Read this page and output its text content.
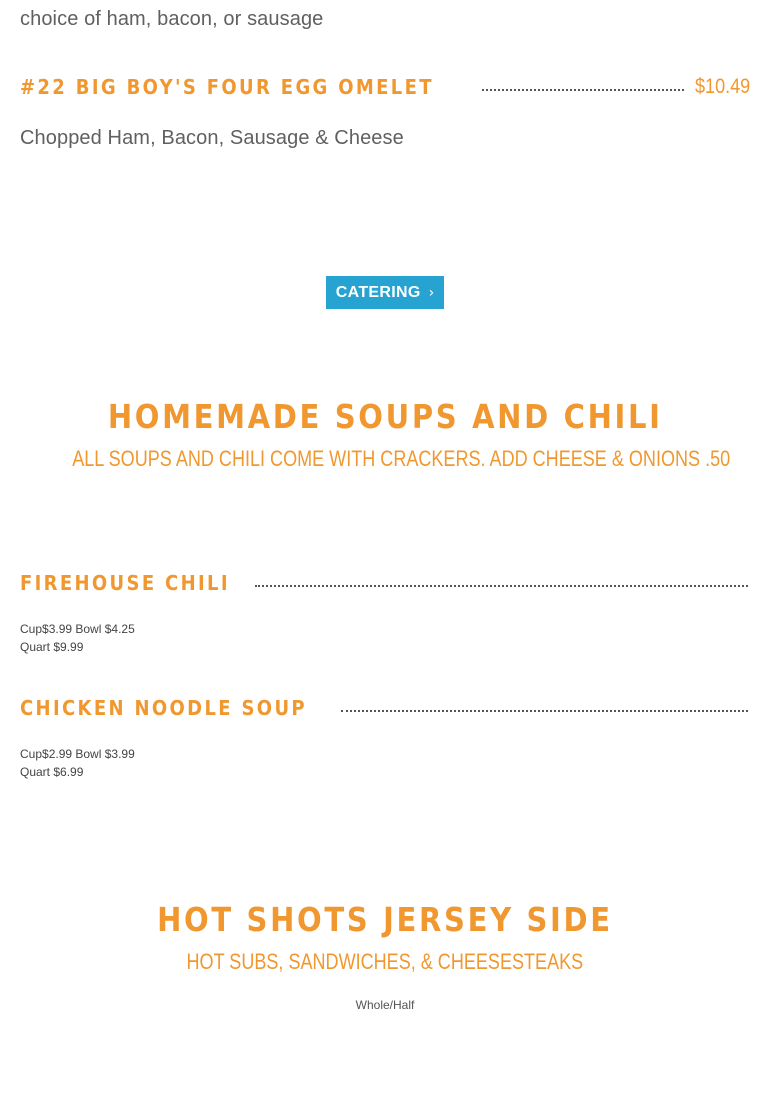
choice of ham, bacon, or sausage
#22 BIG BOY'S FOUR EGG OMELET	$10.49
Chopped Ham, Bacon, Sausage & Cheese
CATERING ›
HOMEMADE SOUPS AND CHILI
ALL SOUPS AND CHILI COME WITH CRACKERS. ADD CHEESE & ONIONS .50
FIREHOUSE CHILI
Cup$3.99 Bowl $4.25
Quart $9.99
CHICKEN NOODLE SOUP
Cup$2.99 Bowl $3.99
Quart $6.99
HOT SHOTS JERSEY SIDE
HOT SUBS, SANDWICHES, & CHEESESTEAKS
Whole/Half
